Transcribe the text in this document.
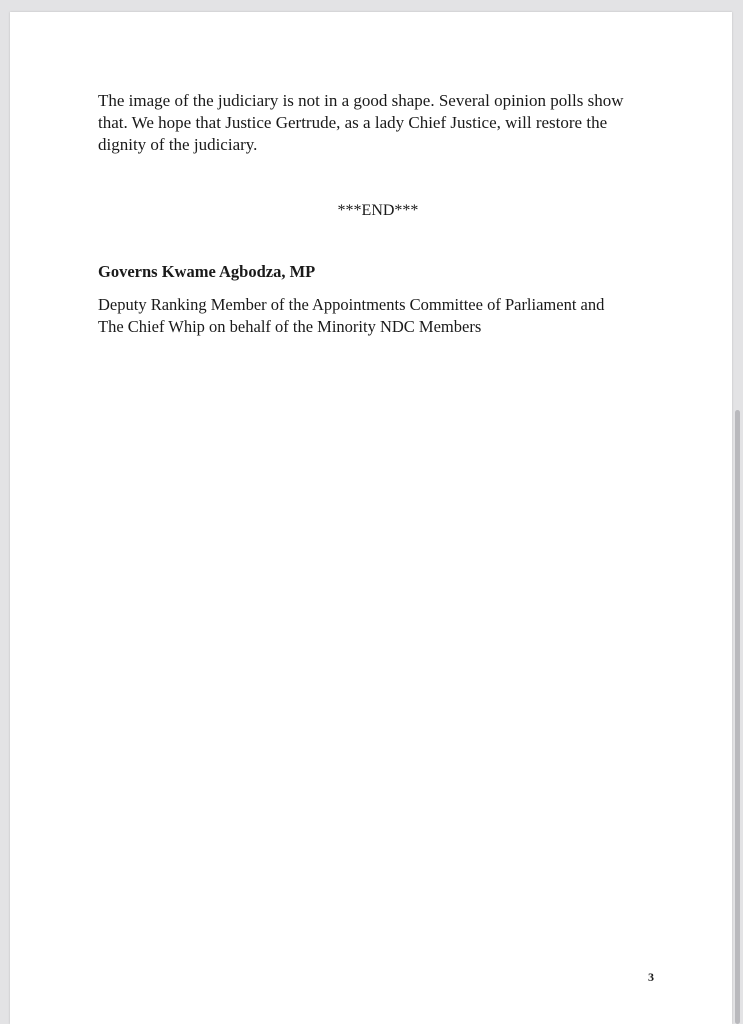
The image of the judiciary is not in a good shape. Several opinion polls show
that. We hope that Justice Gertrude, as a lady Chief Justice, will restore the
dignity of the judiciary.

***END***
Governs Kwame Agbodza, MP
Deputy Ranking Member of the Appointments Committee of Parliament and
The Chief Whip on behalf of the Minority NDC Members
3
